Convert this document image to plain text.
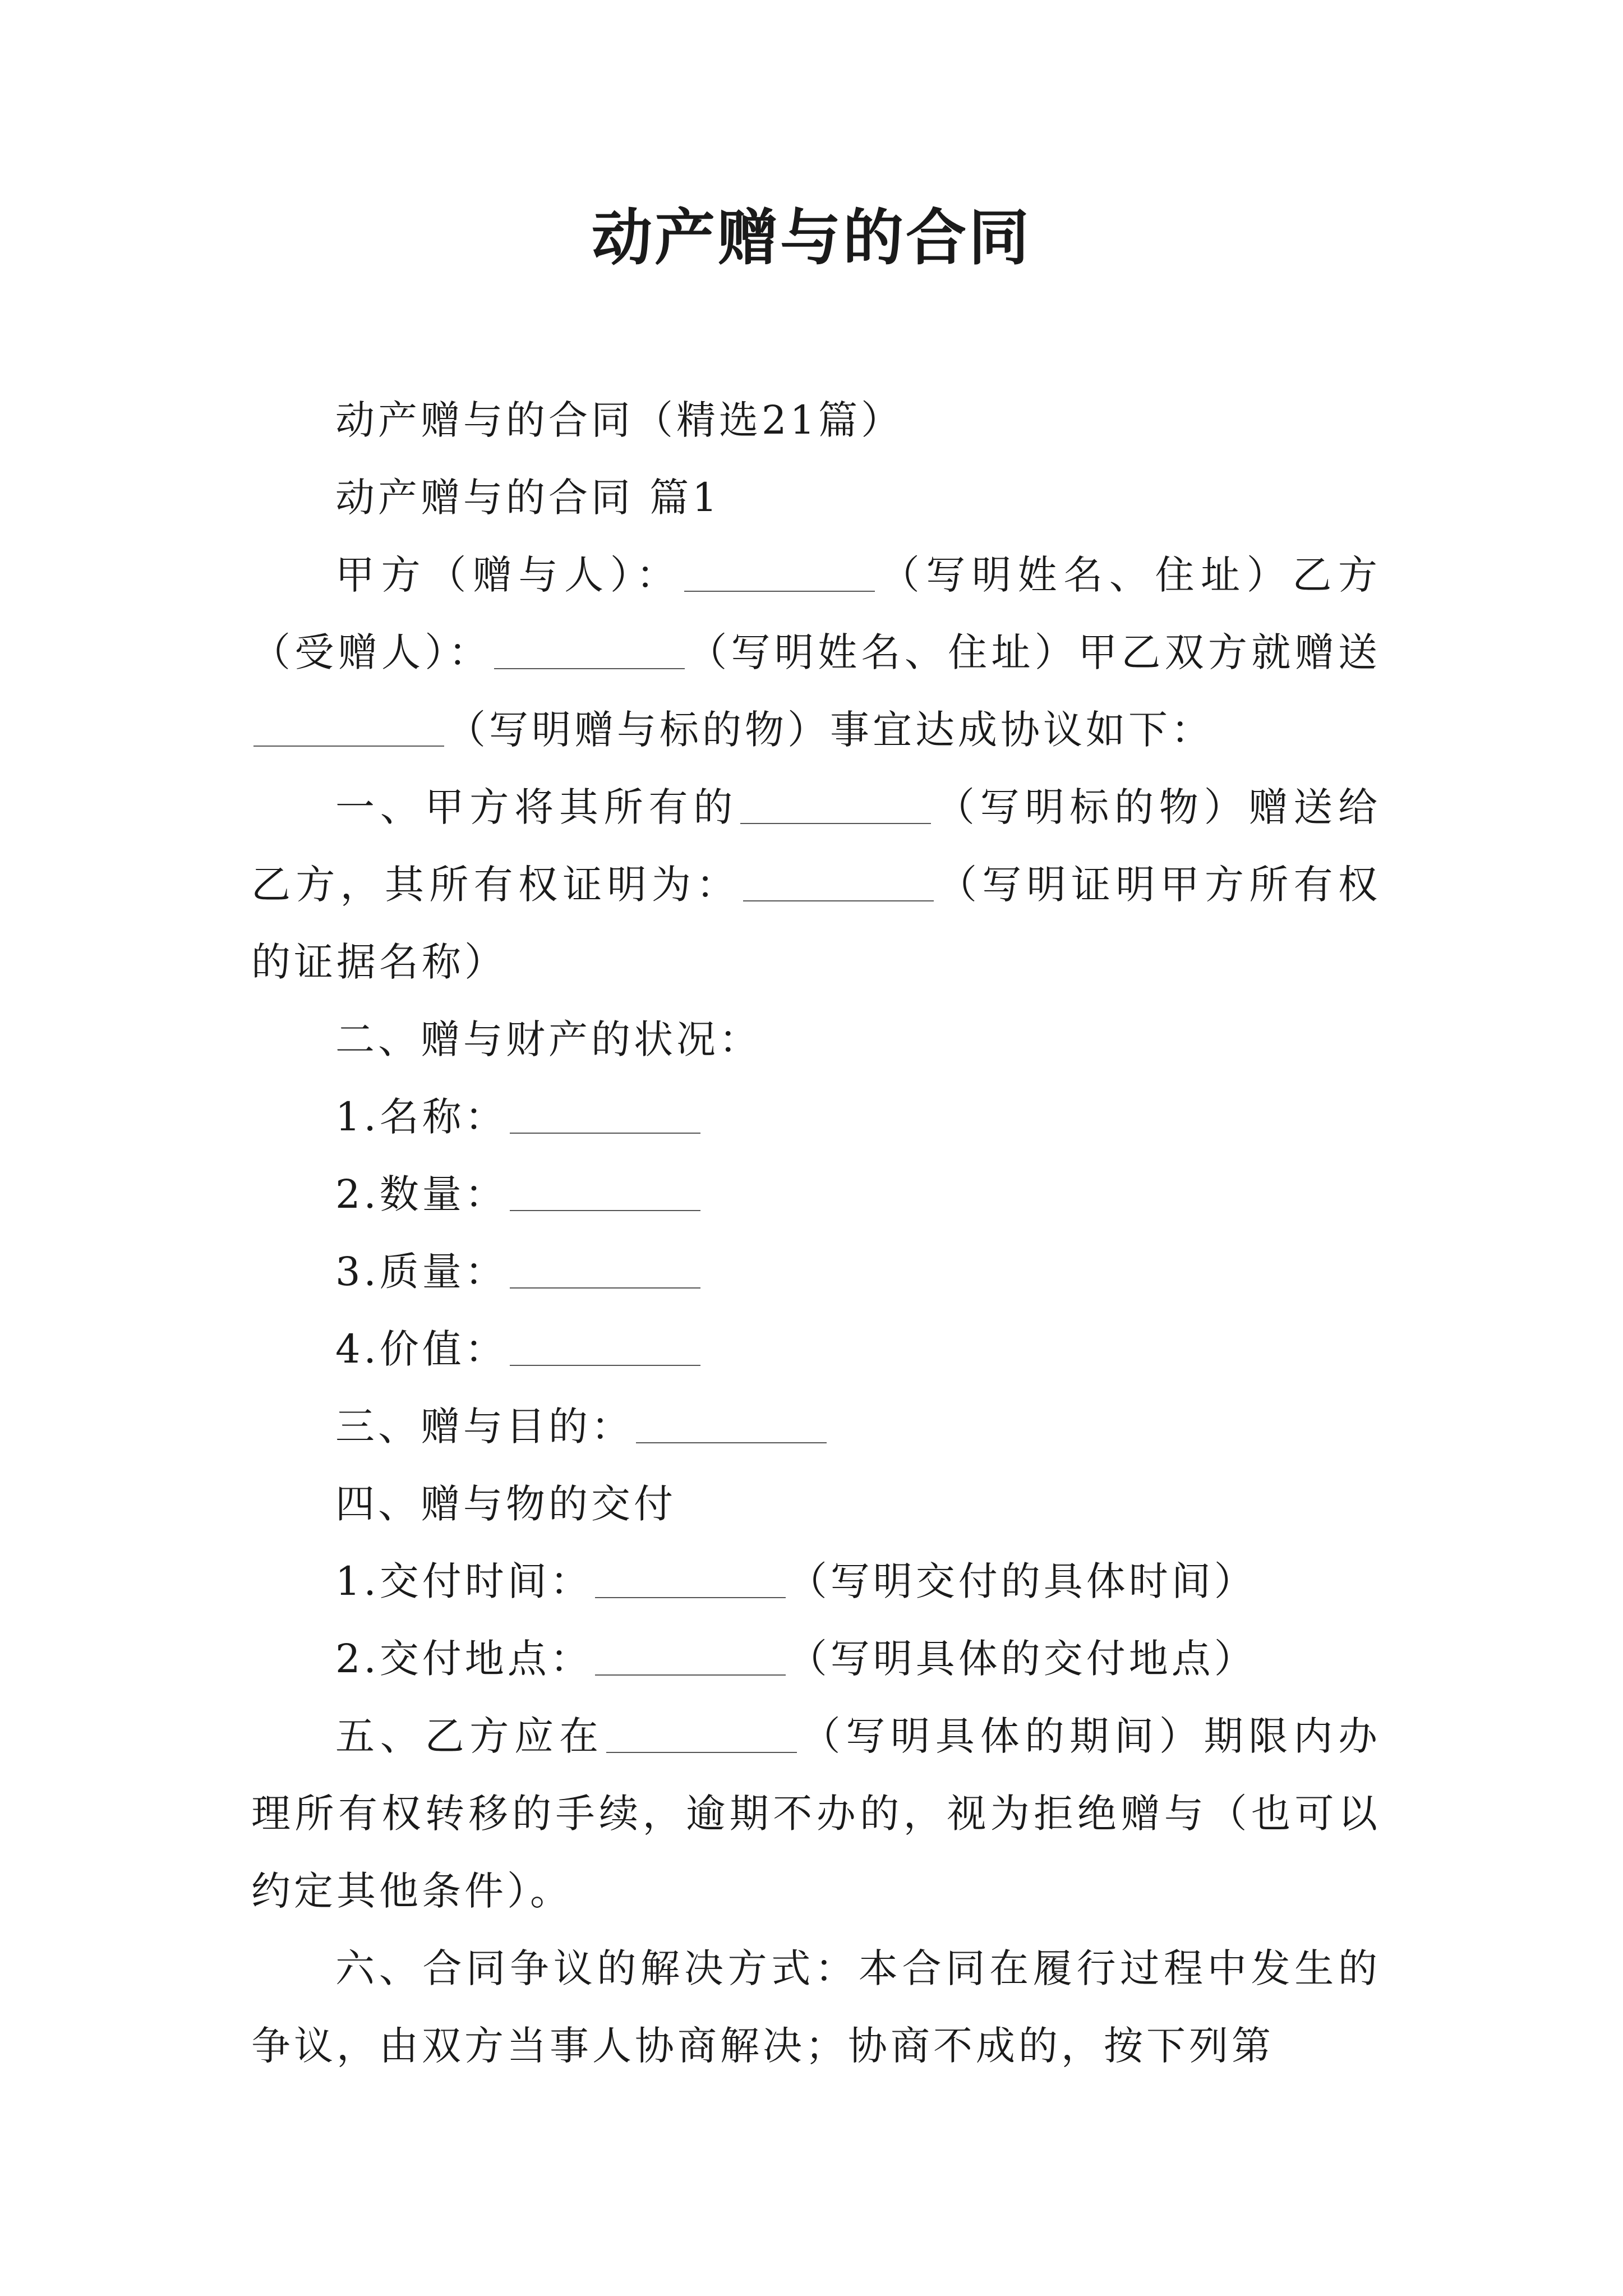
动产赠与的合同

动产赠与的合同（精选21篇）

动产赠与的合同 篇1

甲方（赠与人）：	（写明姓名、住址）乙方（受赠人）：	（写明姓名、住址）甲乙双方就赠送（写明赠与标的物）事宜达成协议如下：

一、甲方将其所有的	（写明标的物）赠送给乙方，其所有权证明为：	（写明证明甲方所有权的证据名称）

二、赠与财产的状况：

1.名称：

2.数量：

3.质量：

4.价值：

三、赠与目的：

四、赠与物的交付

1.交付时间：	（写明交付的具体时间）

2.交付地点：	（写明具体的交付地点）

五、乙方应在	（写明具体的期间）期限内办理所有权转移的手续，逾期不办的，视为拒绝赠与（也可以约定其他条件）。

六、合同争议的解决方式：本合同在履行过程中发生的争议，由双方当事人协商解决；协商不成的，按下列第
